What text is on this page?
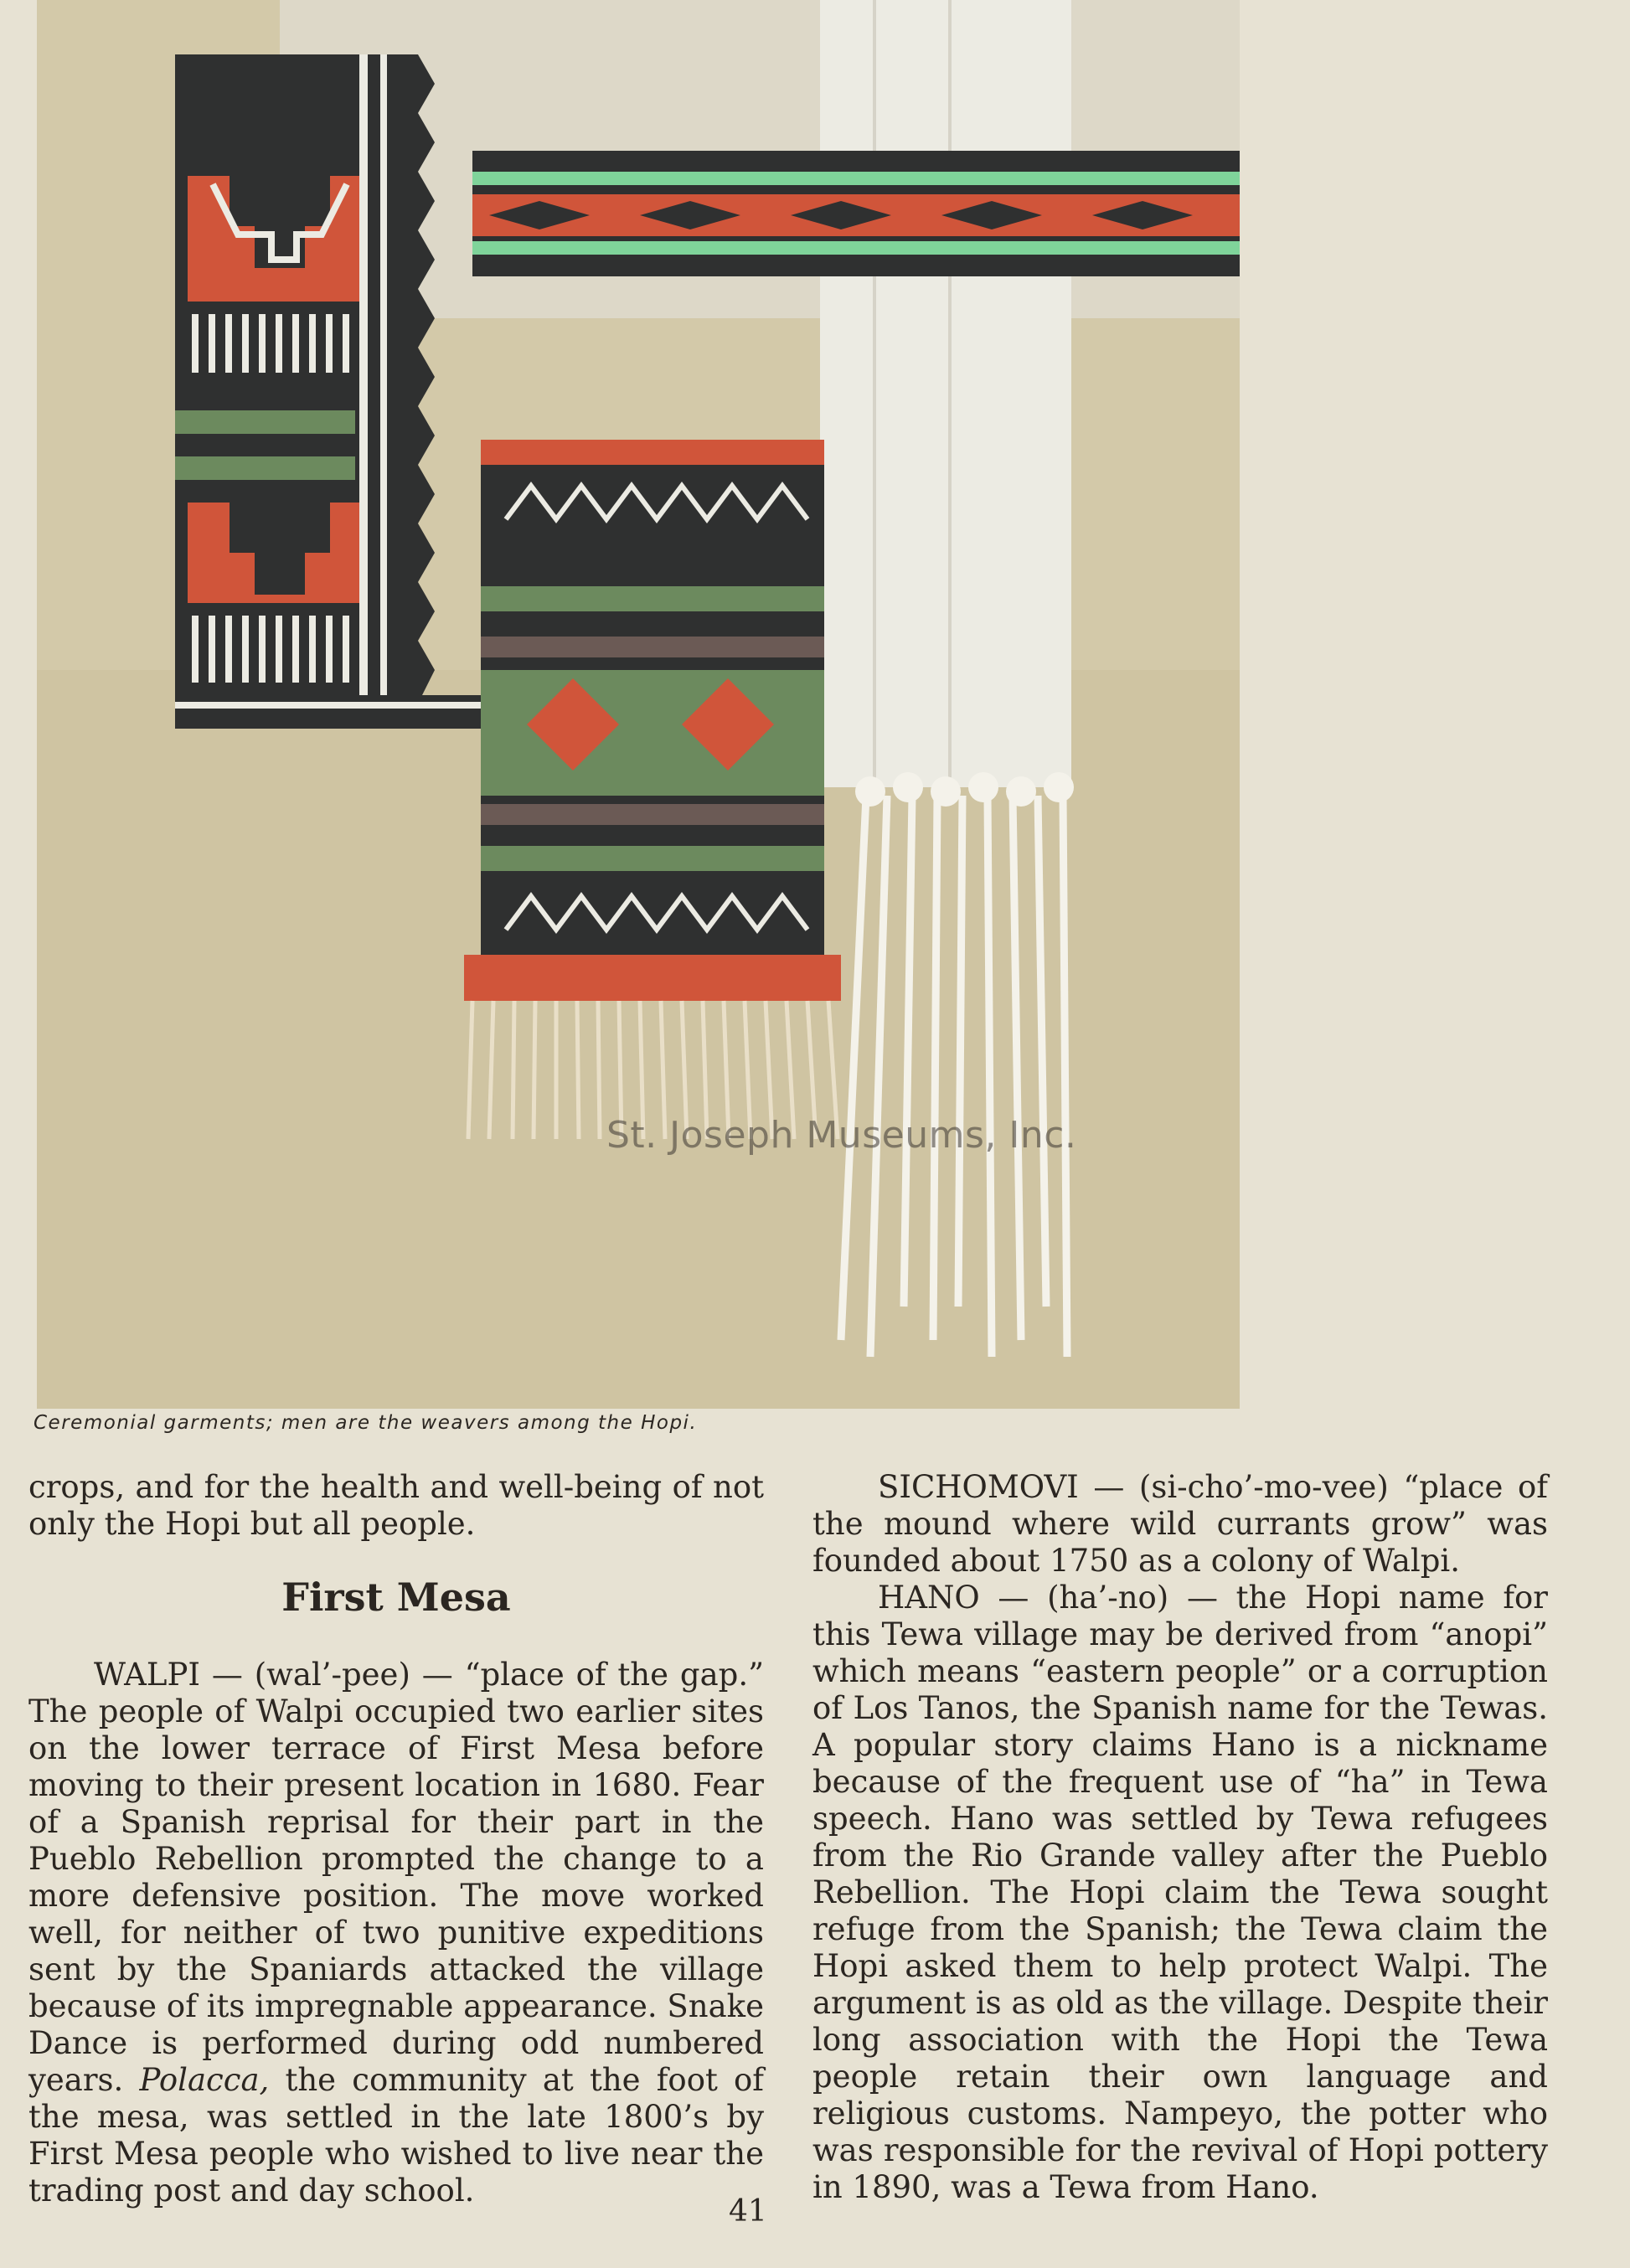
St. Joseph Museums, Inc.
Ceremonial garments; men are the weavers among the Hopi.

crops, and for the health and well-being of not only the Hopi but all people.

First Mesa

WALPI — (wal’-pee) — “place of the gap.” The people of Walpi occupied two earlier sites on the lower terrace of First Mesa before moving to their present location in 1680. Fear of a Spanish reprisal for their part in the Pueblo Rebellion prompted the change to a more defensive position. The move worked well, for neither of two punitive expeditions sent by the Spaniards attacked the village because of its impregnable appearance. Snake Dance is performed during odd numbered years. Polacca, the community at the foot of the mesa, was settled in the late 1800’s by First Mesa people who wished to live near the trading post and day school.

SICHOMOVI — (si-cho’-mo-vee) “place of the mound where wild currants grow” was founded about 1750 as a colony of Walpi.

HANO — (ha’-no) — the Hopi name for this Tewa village may be derived from “anopi” which means “eastern people” or a corruption of Los Tanos, the Spanish name for the Tewas. A popular story claims Hano is a nickname because of the frequent use of “ha” in Tewa speech. Hano was settled by Tewa refugees from the Rio Grande valley after the Pueblo Rebellion. The Hopi claim the Tewa sought refuge from the Spanish; the Tewa claim the Hopi asked them to help protect Walpi. The argument is as old as the village. Despite their long association with the Hopi the Tewa people retain their own language and religious customs. Nampeyo, the potter who was responsible for the revival of Hopi pottery in 1890, was a Tewa from Hano.

41
